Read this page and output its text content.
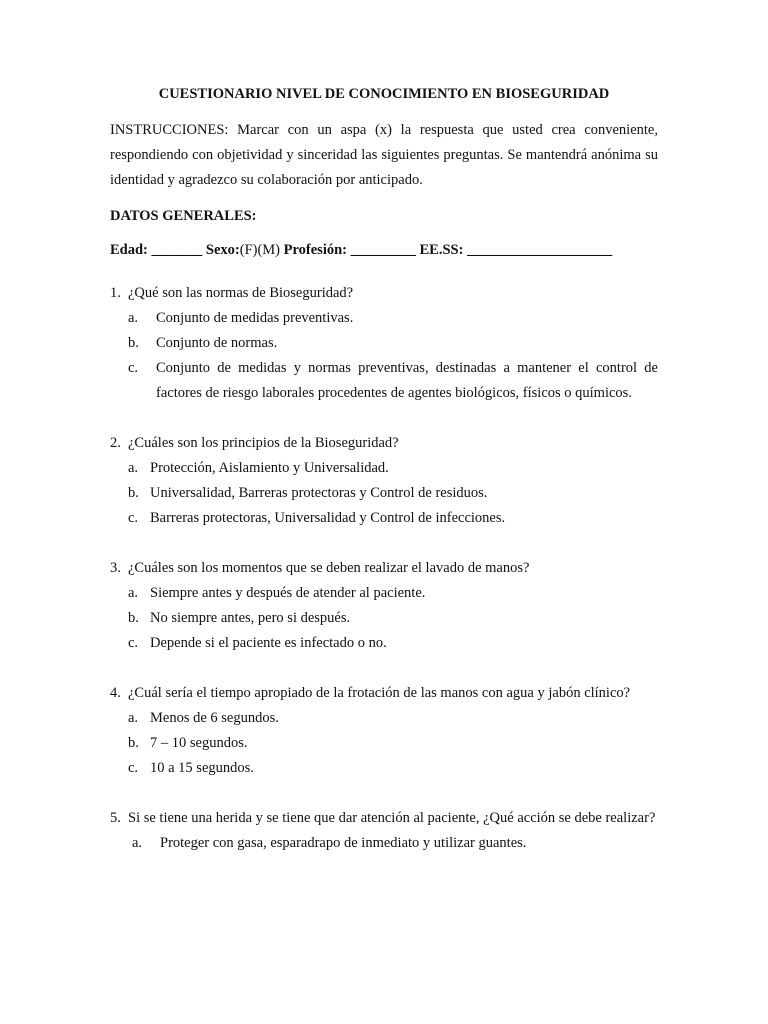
CUESTIONARIO NIVEL DE CONOCIMIENTO EN BIOSEGURIDAD
INSTRUCCIONES: Marcar con un aspa (x) la respuesta que usted crea conveniente, respondiendo con objetividad y sinceridad las siguientes preguntas. Se mantendrá anónima su identidad y agradezco su colaboración por anticipado.
DATOS GENERALES:
Edad: _______ Sexo:(F)(M) Profesión: _________ EE.SS: ____________________
1. ¿Qué son las normas de Bioseguridad?
a.	Conjunto de medidas preventivas.
b.	Conjunto de normas.
c.	Conjunto de medidas y normas preventivas, destinadas a mantener el control de factores de riesgo laborales procedentes de agentes biológicos, físicos o químicos.
2. ¿Cuáles son los principios de la Bioseguridad?
a. Protección, Aislamiento y Universalidad.
b. Universalidad, Barreras protectoras y Control de residuos.
c. Barreras protectoras, Universalidad y Control de infecciones.
3. ¿Cuáles son los momentos que se deben realizar el lavado de manos?
a. Siempre antes y después de atender al paciente.
b. No siempre antes, pero si después.
c. Depende si el paciente es infectado o no.
4. ¿Cuál sería el tiempo apropiado de la frotación de las manos con agua y jabón clínico?
a. Menos de 6 segundos.
b. 7 – 10 segundos.
c. 10 a 15 segundos.
5. Si se tiene una herida y se tiene que dar atención al paciente, ¿Qué acción se debe realizar?
a.	Proteger con gasa, esparadrapo de inmediato y utilizar guantes.
